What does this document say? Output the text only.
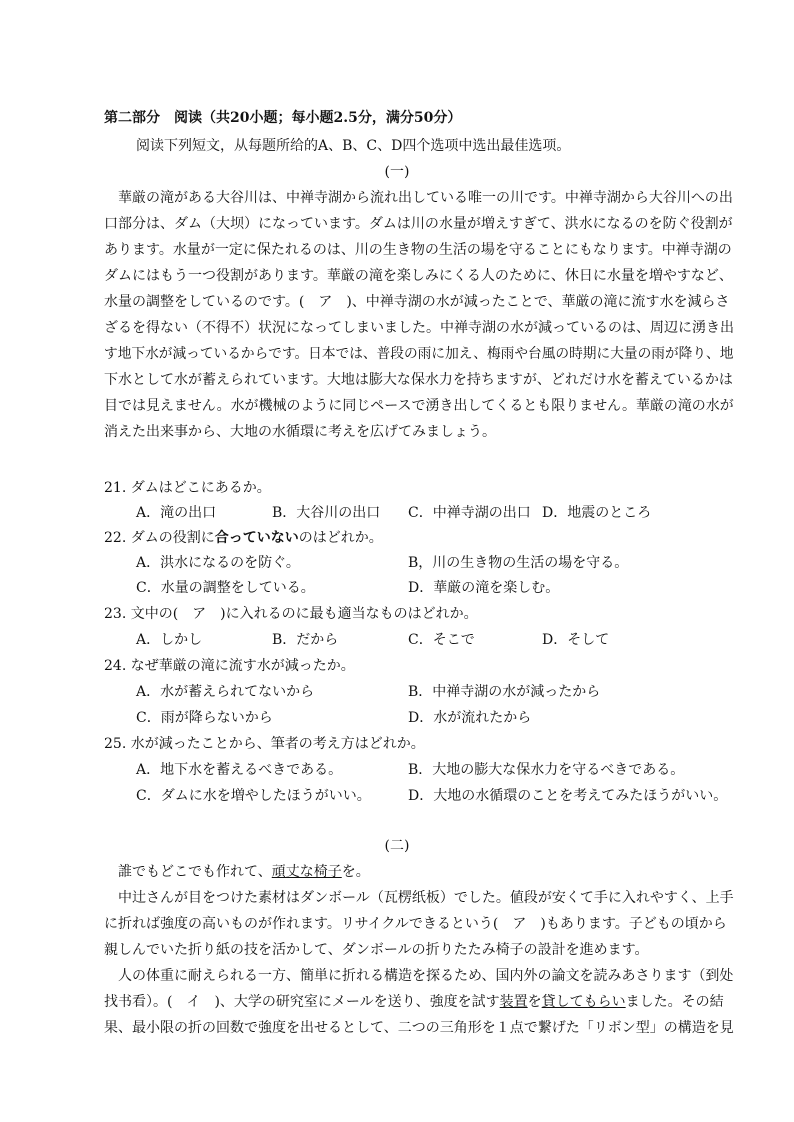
第二部分　阅读（共20小题；每小题2.5分，满分50分）
阅读下列短文，从每题所给的A、B、C、D四个选项中选出最佳选项。
(一)
華厳の滝がある大谷川は、中禅寺湖から流れ出している唯一の川です。中禅寺湖から大谷川への出
口部分は、ダム（大坝）になっています。ダムは川の水量が増えすぎて、洪水になるのを防ぐ役割が
あります。水量が一定に保たれるのは、川の生き物の生活の場を守ることにもなります。中禅寺湖の
ダムにはもう一つ役割があります。華厳の滝を楽しみにくる人のために、休日に水量を増やすなど、
水量の調整をしているのです。(　ア　)、中禅寺湖の水が減ったことで、華厳の滝に流す水を減らさ
ざるを得ない（不得不）状況になってしまいました。中禅寺湖の水が減っているのは、周辺に湧き出
す地下水が減っているからです。日本では、普段の雨に加え、梅雨や台風の時期に大量の雨が降り、地
下水として水が蓄えられています。大地は膨大な保水力を持ちますが、どれだけ水を蓄えているかは
目では見えません。水が機械のように同じペースで湧き出してくるとも限りません。華厳の滝の水が
消えた出来事から、大地の水循環に考えを広げてみましょう。
21. ダムはどこにあるか。
A．滝の出口	B．大谷川の出口 C．中禅寺湖の出口 D．地震のところ
22. ダムの役割に合っていないのはどれか。
A．洪水になるのを防ぐ。	B，川の生き物の生活の場を守る。
C．水量の調整をしている。	D．華厳の滝を楽しむ。
23. 文中の(　ア　)に入れるのに最も適当なものはどれか。
A．しかし	B．だから	C．そこで	D．そして
24. なぜ華厳の滝に流す水が減ったか。
A．水が蓄えられてないから	B．中禅寺湖の水が減ったから
C．雨が降らないから	D．水が流れたから
25. 水が減ったことから、筆者の考え方はどれか。
A．地下水を蓄えるべきである。	B．大地の膨大な保水力を守るべきである。
C．ダムに水を増やしたほうがいい。	D．大地の水循環のことを考えてみたほうがいい。
(二)
誰でもどこでも作れて、頑丈な椅子を。
中辻さんが目をつけた素材はダンボール（瓦楞纸板）でした。値段が安くて手に入れやすく、上手
に折れば強度の高いものが作れます。リサイクルできるという(　ア　)もあります。子どもの頃から
親しんでいた折り紙の技を活かして、ダンボールの折りたたみ椅子の設計を進めます。
人の体重に耐えられる一方、簡単に折れる構造を探るため、国内外の論文を読みあさります（到处
找书看）。(　イ　)、大学の研究室にメールを送り、強度を試す装置を貸してもらいました。その結
果、最小限の折の回数で強度を出せるとして、二つの三角形を１点で繋げた「リボン型」の構造を見
